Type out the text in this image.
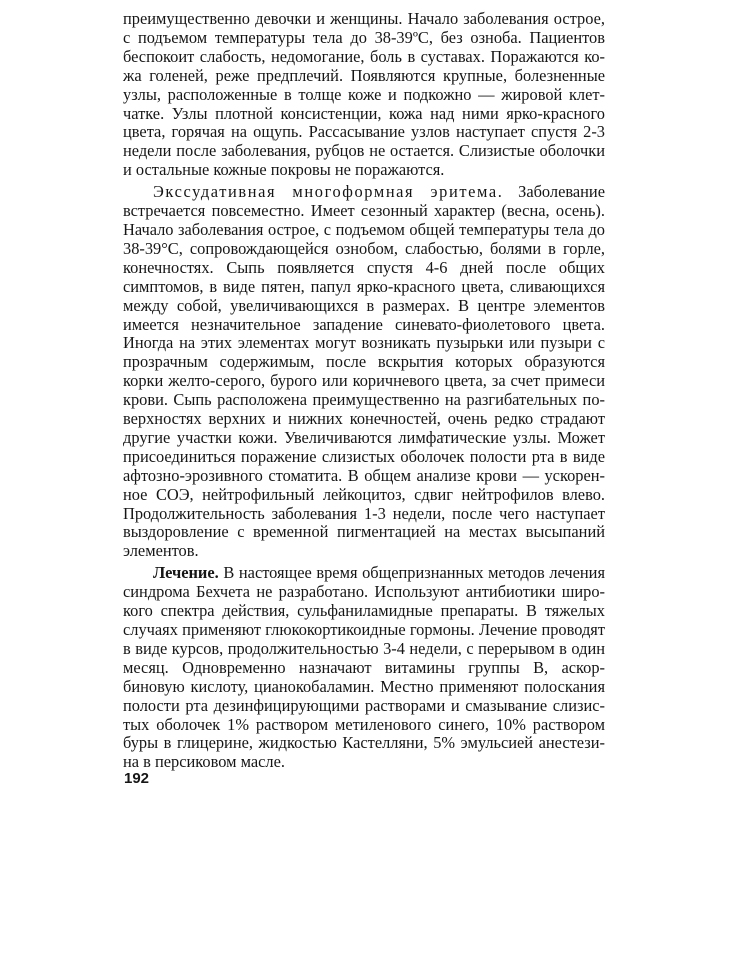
преимущественно девочки и женщины. Начало заболевания острое, с подъемом температуры тела до 38-39ºС, без озноба. Пациентов беспокоит слабость, недомогание, боль в суставах. Поражаются кожа голеней, реже предплечий. Появляются крупные, болезненные узлы, расположенные в толще коже и подкожно — жировой клетчатке. Узлы плотной консистенции, кожа над ними ярко-красного цвета, горячая на ощупь. Рассасывание узлов наступает спустя 2-3 недели после заболевания, рубцов не остается. Слизистые оболочки и остальные кожные покровы не поражаются.

Экссудативная многоформная эритема. Заболевание встречается повсеместно. Имеет сезонный характер (весна, осень). Начало заболевания острое, с подъемом общей температуры тела до 38-39°С, сопровождающейся ознобом, слабостью, болями в горле, конечностях. Сыпь появляется спустя 4-6 дней после общих симптомов, в виде пятен, папул ярко-красного цвета, сливающихся между собой, увеличивающихся в размерах. В центре элементов имеется незначительное западение синевато-фиолетового цвета. Иногда на этих элементах могут возникать пузырьки или пузыри с прозрачным содержимым, после вскрытия которых образуются корки желто-серого, бурого или коричневого цвета, за счет примеси крови. Сыпь расположена преимущественно на разгибательных поверхностях верхних и нижних конечностей, очень редко страдают другие участки кожи. Увеличиваются лимфатические узлы. Может присоединиться поражение слизистых оболочек полости рта в виде афтозно-эрозивного стоматита. В общем анализе крови — ускоренное СОЭ, нейтрофильный лейкоцитоз, сдвиг нейтрофилов влево. Продолжительность заболевания 1-3 недели, после чего наступает выздоровление с временной пигментацией на местах высыпаний элементов.

Лечение. В настоящее время общепризнанных методов лечения синдрома Бехчета не разработано. Используют антибиотики широкого спектра действия, сульфаниламидные препараты. В тяжелых случаях применяют глюкокортикоидные гормоны. Лечение проводят в виде курсов, продолжительностью 3-4 недели, с перерывом в один месяц. Одновременно назначают витамины группы В, аскорбиновую кислоту, цианокобаламин. Местно применяют полоскания полости рта дезинфицирующими растворами и смазывание слизистых оболочек 1% раствором метиленового синего, 10% раствором буры в глицерине, жидкостью Кастелляни, 5% эмульсией анестезина в персиковом масле.

192
